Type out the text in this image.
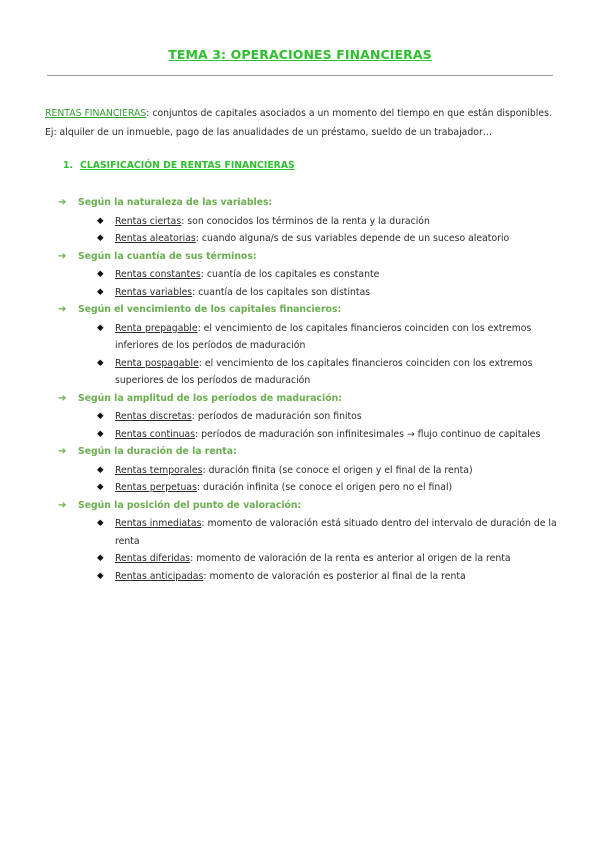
TEMA 3: OPERACIONES FINANCIERAS

RENTAS FINANCIERAS: conjuntos de capitales asociados a un momento del tiempo en que están disponibles. Ej: alquiler de un inmueble, pago de las anualidades de un préstamo, sueldo de un trabajador…

1. CLASIFICACIÓN DE RENTAS FINANCIERAS
➔	Según la naturaleza de las variables:
◆	Rentas ciertas: son conocidos los términos de la renta y la duración
◆	Rentas aleatorias: cuando alguna/s de sus variables depende de un suceso aleatorio
➔	Según la cuantía de sus términos:
◆	Rentas constantes: cuantía de los capitales es constante
◆	Rentas variables: cuantía de los capitales son distintas
➔	Según el vencimiento de los capitales financieros:
◆	Renta prepagable: el vencimiento de los capitales financieros coinciden con los extremos inferiores de los períodos de maduración
◆	Renta pospagable: el vencimiento de los capitales financieros coinciden con los extremos superiores de los períodos de maduración
➔	Según la amplitud de los períodos de maduración:
◆	Rentas discretas: períodos de maduración son finitos
◆	Rentas continuas: períodos de maduración son infinitesimales → flujo continuo de capitales
➔	Según la duración de la renta:
◆	Rentas temporales: duración finita (se conoce el origen y el final de la renta)
◆	Rentas perpetuas: duración infinita (se conoce el origen pero no el final)
➔	Según la posición del punto de valoración:
◆	Rentas inmediatas: momento de valoración está situado dentro del intervalo de duración de la renta
◆	Rentas diferidas: momento de valoración de la renta es anterior al origen de la renta
◆	Rentas anticipadas: momento de valoración es posterior al final de la renta
